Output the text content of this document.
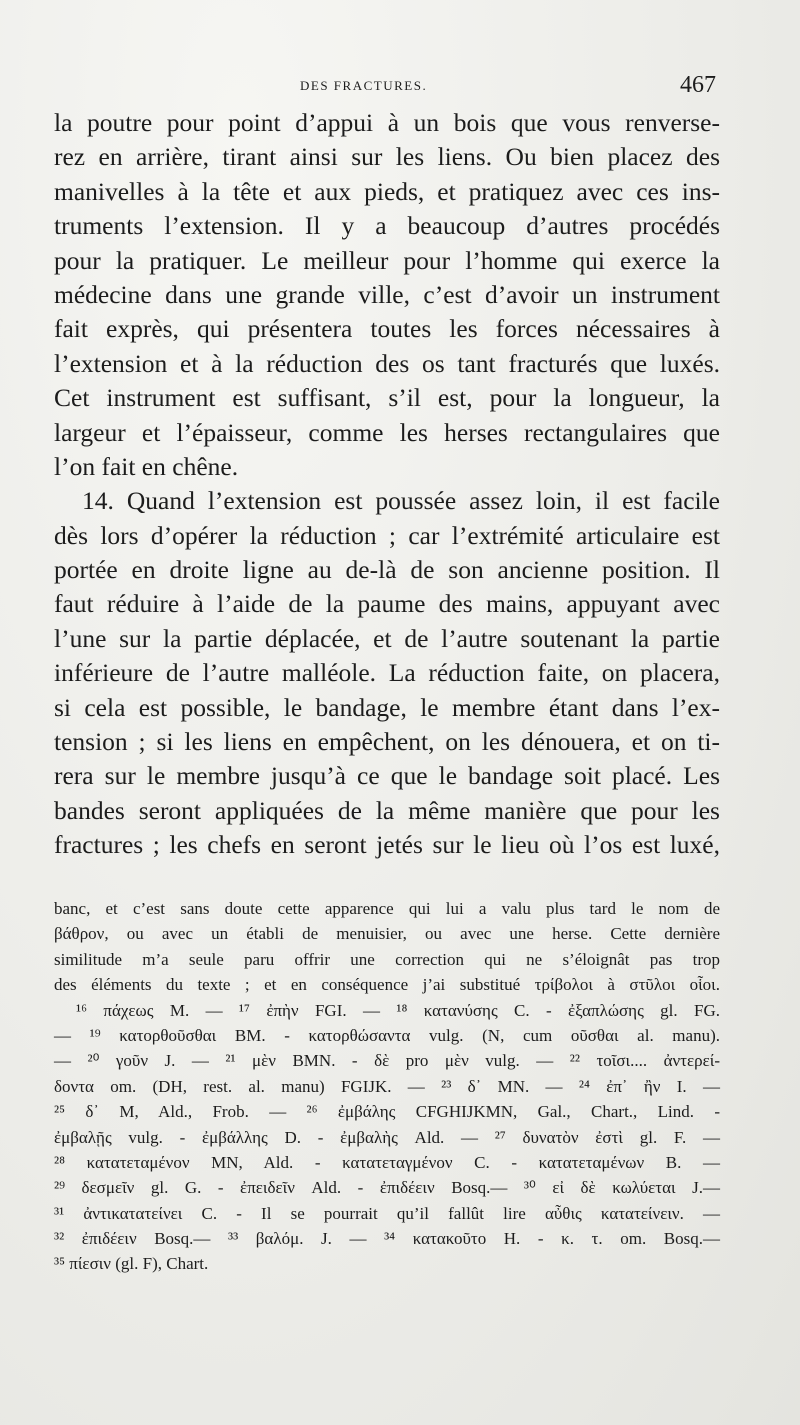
DES FRACTURES.	467
la poutre pour point d’appui à un bois que vous renverse-
rez en arrière, tirant ainsi sur les liens. Ou bien placez des
manivelles à la tête et aux pieds, et pratiquez avec ces ins-
truments l’extension. Il y a beaucoup d’autres procédés
pour la pratiquer. Le meilleur pour l’homme qui exerce la
médecine dans une grande ville, c’est d’avoir un instrument
fait exprès, qui présentera toutes les forces nécessaires à
l’extension et à la réduction des os tant fracturés que luxés.
Cet instrument est suffisant, s’il est, pour la longueur, la
largeur et l’épaisseur, comme les herses rectangulaires que
l’on fait en chêne.
14. Quand l’extension est poussée assez loin, il est facile
dès lors d’opérer la réduction ; car l’extrémité articulaire est
portée en droite ligne au de-là de son ancienne position. Il
faut réduire à l’aide de la paume des mains, appuyant avec
l’une sur la partie déplacée, et de l’autre soutenant la partie
inférieure de l’autre malléole. La réduction faite, on placera,
si cela est possible, le bandage, le membre étant dans l’ex-
tension ; si les liens en empêchent, on les dénouera, et on ti-
rera sur le membre jusqu’à ce que le bandage soit placé. Les
bandes seront appliquées de la même manière que pour les
fractures ; les chefs en seront jetés sur le lieu où l’os est luxé,
banc, et c’est sans doute cette apparence qui lui a valu plus tard le nom de
βάθρον, ou avec un établi de menuisier, ou avec une herse. Cette dernière
similitude m’a seule paru offrir une correction qui ne s’éloignât pas trop
des éléments du texte ; et en conséquence j’ai substitué τρίβολοι à στῦλοι οἷοι.
¹⁶ πάχεως M. — ¹⁷ ἐπὴν FGI. — ¹⁸ κατανύσης C. - ἐξαπλώσης gl. FG.
— ¹⁹ κατορθοῦσθαι BM. - κατορθώσαντα vulg. (N, cum οῦσθαι al. manu).
— ²⁰ γοῦν J. — ²¹ μὲν BMN. - δὲ pro μὲν vulg. — ²² τοῖσι.... ἀντερεί-
δοντα om. (DH, rest. al. manu) FGIJK. — ²³ δ᾽ MN. — ²⁴ ἐπ᾽ ἢν I. —
²⁵ δ᾽ M, Ald., Frob. — ²⁶ ἐμβάλης CFGHIJKMN, Gal., Chart., Lind. -
ἐμβαλῇς vulg. - ἐμβάλλης D. - ἐμβαλὴς Ald. — ²⁷ δυνατὸν ἐστὶ gl. F. —
²⁸ κατατεταμένον MN, Ald. - κατατεταγμένον C. - κατατεταμένων B. —
²⁹ δεσμεῖν gl. G. - ἐπειδεῖν Ald. - ἐπιδέειν Bosq.— ³⁰ εἰ δὲ κωλύεται J.—
³¹ ἀντικατατείνει C. - Il se pourrait qu’il fallût lire αὖθις κατατείνειν. —
³² ἐπιδέειν Bosq.— ³³ βαλόμ. J. — ³⁴ κατακοῦτο H. - κ. τ. om. Bosq.—
³⁵ πίεσιν (gl. F), Chart.
